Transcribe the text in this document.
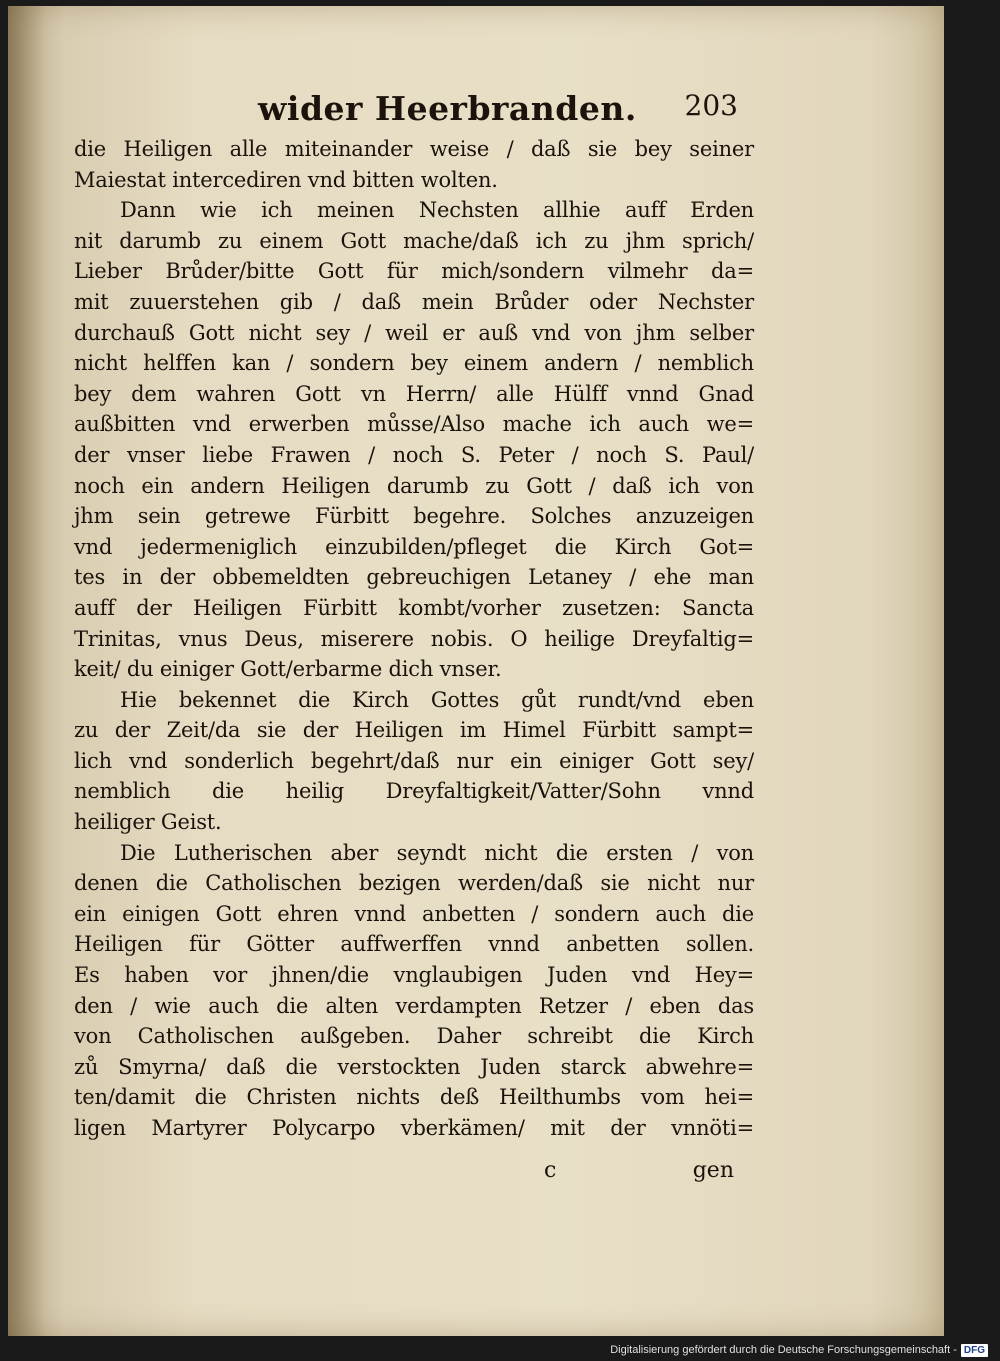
wider Heerbranden. 203
die Heiligen alle miteinander weise / daß sie bey seiner
Maiestat intercediren vnd bitten wolten.
Dann wie ich meinen Nechsten allhie auff Erden
nit darumb zu einem Gott mache/daß ich zu jhm sprich/
Lieber Brůder/bitte Gott für mich/sondern vilmehr da=
mit zuuerstehen gib / daß mein Brůder oder Nechster
durchauß Gott nicht sey / weil er auß vnd von jhm selber
nicht helffen kan / sondern bey einem andern / nemblich
bey dem wahren Gott vn Herrn/ alle Hülff vnnd Gnad
außbitten vnd erwerben můsse/Also mache ich auch we=
der vnser liebe Frawen / noch S. Peter / noch S. Paul/
noch ein andern Heiligen darumb zu Gott / daß ich von
jhm sein getrewe Fürbitt begehre. Solches anzuzeigen
vnd jedermeniglich einzubilden/pfleget die Kirch Got=
tes in der obbemeldten gebreuchigen Letaney / ehe man
auff der Heiligen Fürbitt kombt/vorher zusetzen: Sancta
Trinitas, vnus Deus, miserere nobis. O heilige Dreyfaltig=
keit/ du einiger Gott/erbarme dich vnser.
Hie bekennet die Kirch Gottes gůt rundt/vnd eben
zu der Zeit/da sie der Heiligen im Himel Fürbitt sampt=
lich vnd sonderlich begehrt/daß nur ein einiger Gott sey/
nemblich die heilig Dreyfaltigkeit/Vatter/Sohn vnnd
heiliger Geist.
Die Lutherischen aber seyndt nicht die ersten / von
denen die Catholischen bezigen werden/daß sie nicht nur
ein einigen Gott ehren vnnd anbetten / sondern auch die
Heiligen für Götter auffwerffen vnnd anbetten sollen.
Es haben vor jhnen/die vnglaubigen Juden vnd Hey=
den / wie auch die alten verdampten Retzer / eben das
von Catholischen außgeben. Daher schreibt die Kirch
zů Smyrna/ daß die verstockten Juden starck abwehre=
ten/damit die Christen nichts deß Heilthumbs vom hei=
ligen Martyrer Polycarpo vberkämen/ mit der vnnöti=
c	gen
Digitalisierung gefördert durch die Deutsche Forschungsgemeinschaft - DFG
